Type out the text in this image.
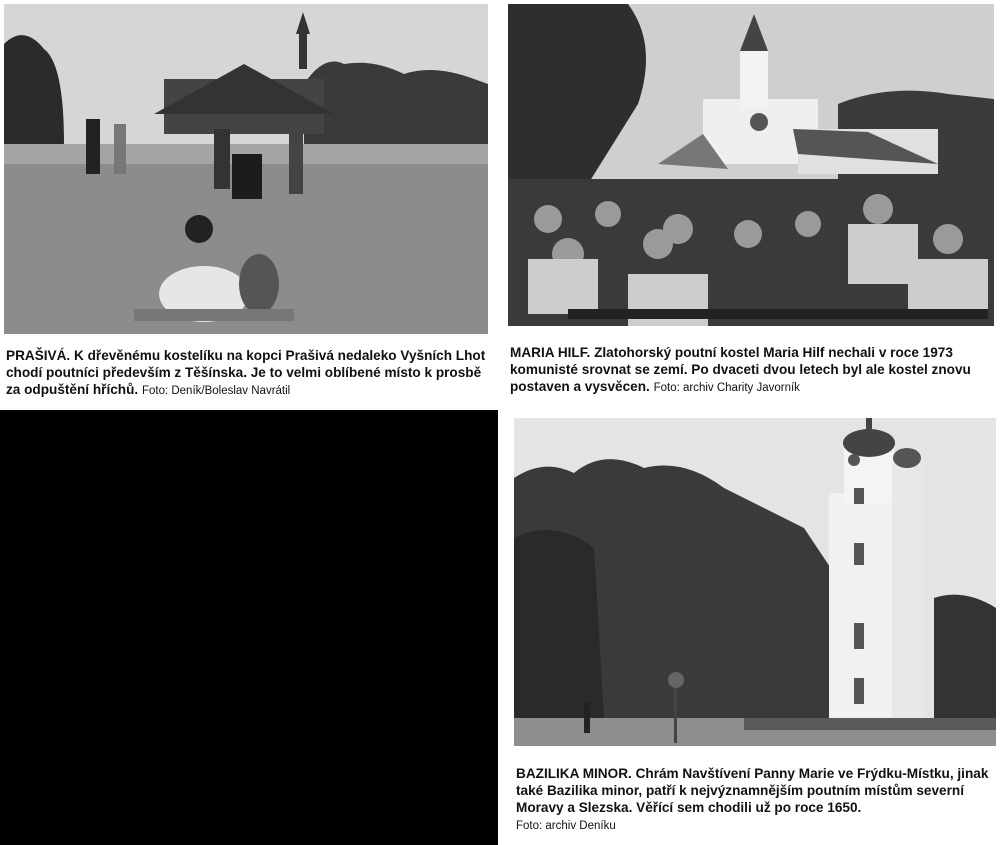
PRAŠIVÁ. K dřevěnému kostelíku na kopci Prašivá nedaleko Vyšních Lhot chodí poutníci především z Těšínska. Je to velmi oblíbené místo k prosbě za odpuštění hříchů. Foto: Deník/Boleslav Navrátil
MARIA HILF. Zlatohorský poutní kostel Maria Hilf nechali v roce 1973 komunisté srovnat se zemí. Po dvaceti dvou letech byl ale kostel znovu postaven a vysvěcen. Foto: archiv Charity Javorník
BAZILIKA MINOR. Chrám Navštívení Panny Marie ve Frýdku-Místku, jinak také Bazilika minor, patří k nejvýznamnějším poutním místům severní Moravy a Slezska. Věřící sem chodili už po roce 1650.
Foto: archiv Deníku
